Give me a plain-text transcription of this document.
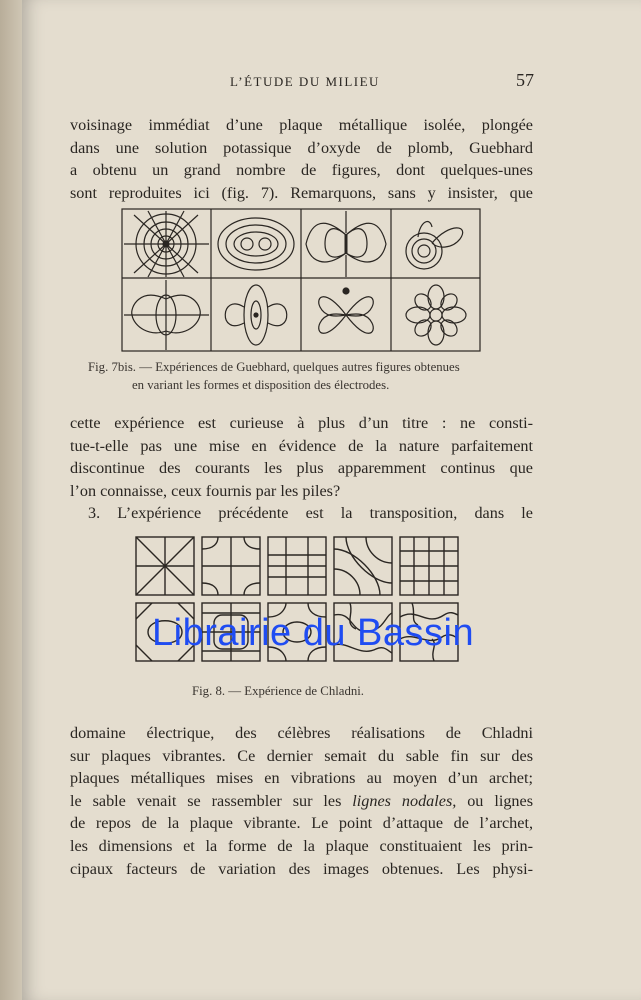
L’ÉTUDE DU MILIEU	57

voisinage immédiat d’une plaque métallique isolée, plongée
dans une solution potassique d’oxyde de plomb, Guebhard
a obtenu un grand nombre de figures, dont quelques-unes
sont reproduites ici (fig. 7). Remarquons, sans y insister, que

Fig. 7bis. — Expériences de Guebhard, quelques autres figures obtenues
en variant les formes et disposition des électrodes.

cette expérience est curieuse à plus d’un titre : ne consti-
tue-t-elle pas une mise en évidence de la nature parfaitement
discontinue des courants les plus apparemment continus que
l’on connaisse, ceux fournis par les piles?
3. L’expérience précédente est la transposition, dans le

Librairie du Bassin
Fig. 8. — Expérience de Chladni.

domaine électrique, des célèbres réalisations de Chladni
sur plaques vibrantes. Ce dernier semait du sable fin sur des
plaques métalliques mises en vibrations au moyen d’un archet;
le sable venait se rassembler sur les lignes nodales, ou lignes
de repos de la plaque vibrante. Le point d’attaque de l’archet,
les dimensions et la forme de la plaque constituaient les prin-
cipaux facteurs de variation des images obtenues. Les physi-
